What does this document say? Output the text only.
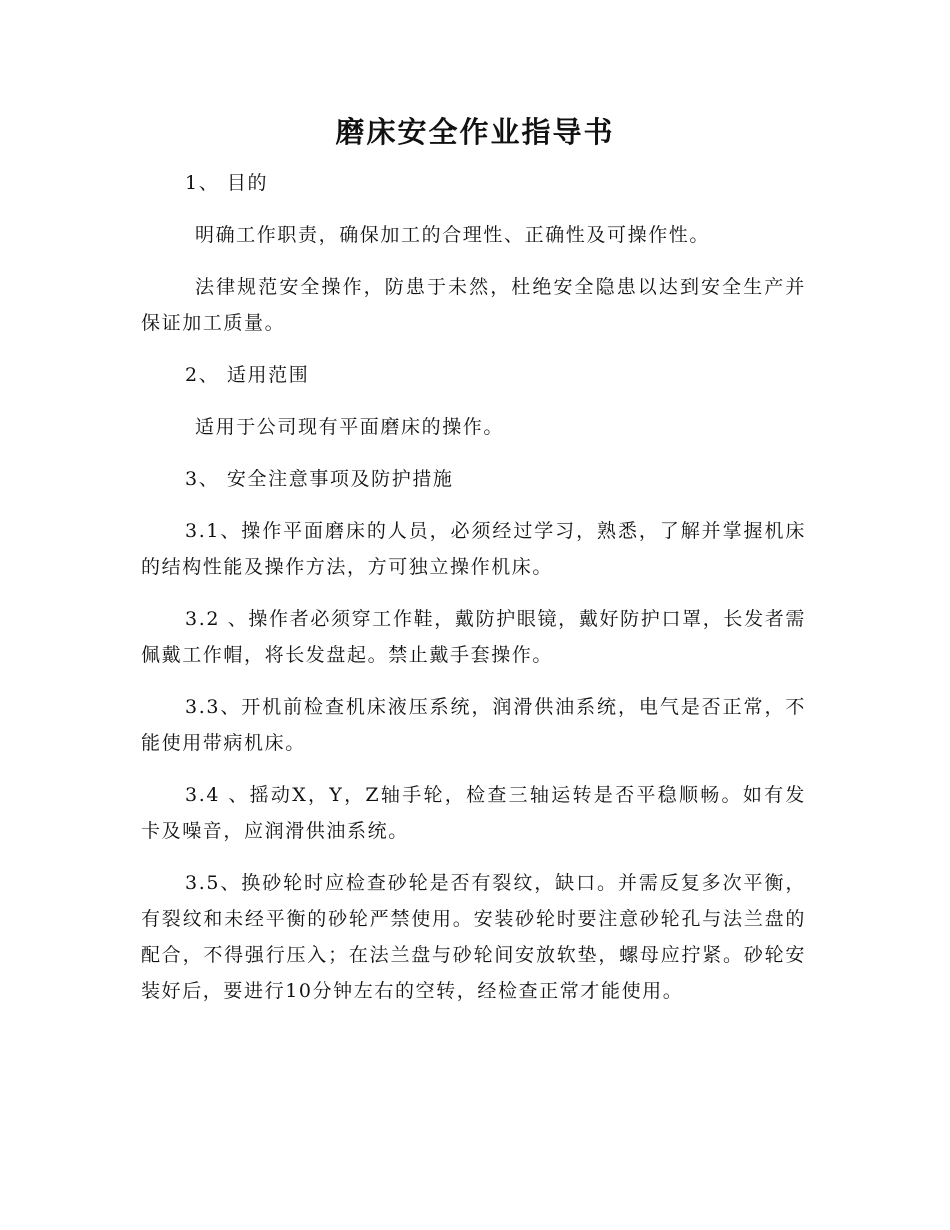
磨床安全作业指导书

1、 目的

明确工作职责，确保加工的合理性、正确性及可操作性。

法律规范安全操作，防患于未然，杜绝安全隐患以达到安全生产并保证加工质量。

2、 适用范围

适用于公司现有平面磨床的操作。

3、 安全注意事项及防护措施

3.1、操作平面磨床的人员，必须经过学习，熟悉，了解并掌握机床的结构性能及操作方法，方可独立操作机床。

3.2 、操作者必须穿工作鞋，戴防护眼镜，戴好防护口罩，长发者需佩戴工作帽，将长发盘起。禁止戴手套操作。

3.3、开机前检查机床液压系统，润滑供油系统，电气是否正常，不能使用带病机床。

3.4 、摇动X，Y，Z轴手轮，检查三轴运转是否平稳顺畅。如有发卡及噪音，应润滑供油系统。

3.5、换砂轮时应检查砂轮是否有裂纹，缺口。并需反复多次平衡，有裂纹和未经平衡的砂轮严禁使用。安装砂轮时要注意砂轮孔与法兰盘的配合，不得强行压入；在法兰盘与砂轮间安放软垫，螺母应拧紧。砂轮安装好后，要进行10分钟左右的空转，经检查正常才能使用。
